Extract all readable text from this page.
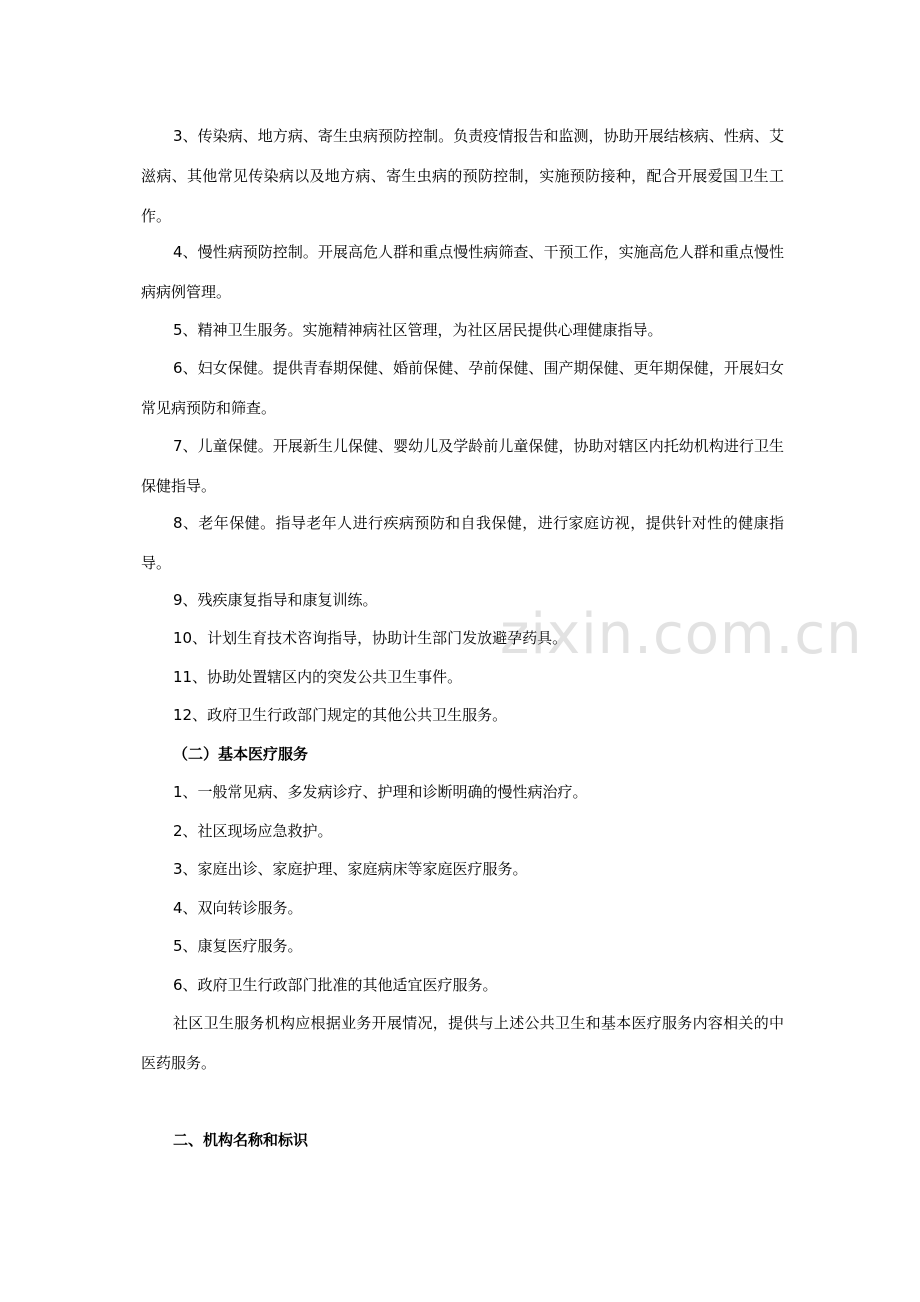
zixin.com.cn

3、传染病、地方病、寄生虫病预防控制。负责疫情报告和监测，协助开展结核病、性病、艾滋病、其他常见传染病以及地方病、寄生虫病的预防控制，实施预防接种，配合开展爱国卫生工作。

4、慢性病预防控制。开展高危人群和重点慢性病筛查、干预工作，实施高危人群和重点慢性病病例管理。

5、精神卫生服务。实施精神病社区管理，为社区居民提供心理健康指导。

6、妇女保健。提供青春期保健、婚前保健、孕前保健、围产期保健、更年期保健，开展妇女常见病预防和筛查。

7、儿童保健。开展新生儿保健、婴幼儿及学龄前儿童保健，协助对辖区内托幼机构进行卫生保健指导。

8、老年保健。指导老年人进行疾病预防和自我保健，进行家庭访视，提供针对性的健康指导。

9、残疾康复指导和康复训练。

10、计划生育技术咨询指导，协助计生部门发放避孕药具。

11、协助处置辖区内的突发公共卫生事件。

12、政府卫生行政部门规定的其他公共卫生服务。

（二）基本医疗服务

1、一般常见病、多发病诊疗、护理和诊断明确的慢性病治疗。

2、社区现场应急救护。

3、家庭出诊、家庭护理、家庭病床等家庭医疗服务。

4、双向转诊服务。

5、康复医疗服务。

6、政府卫生行政部门批准的其他适宜医疗服务。

社区卫生服务机构应根据业务开展情况，提供与上述公共卫生和基本医疗服务内容相关的中医药服务。

二、机构名称和标识
